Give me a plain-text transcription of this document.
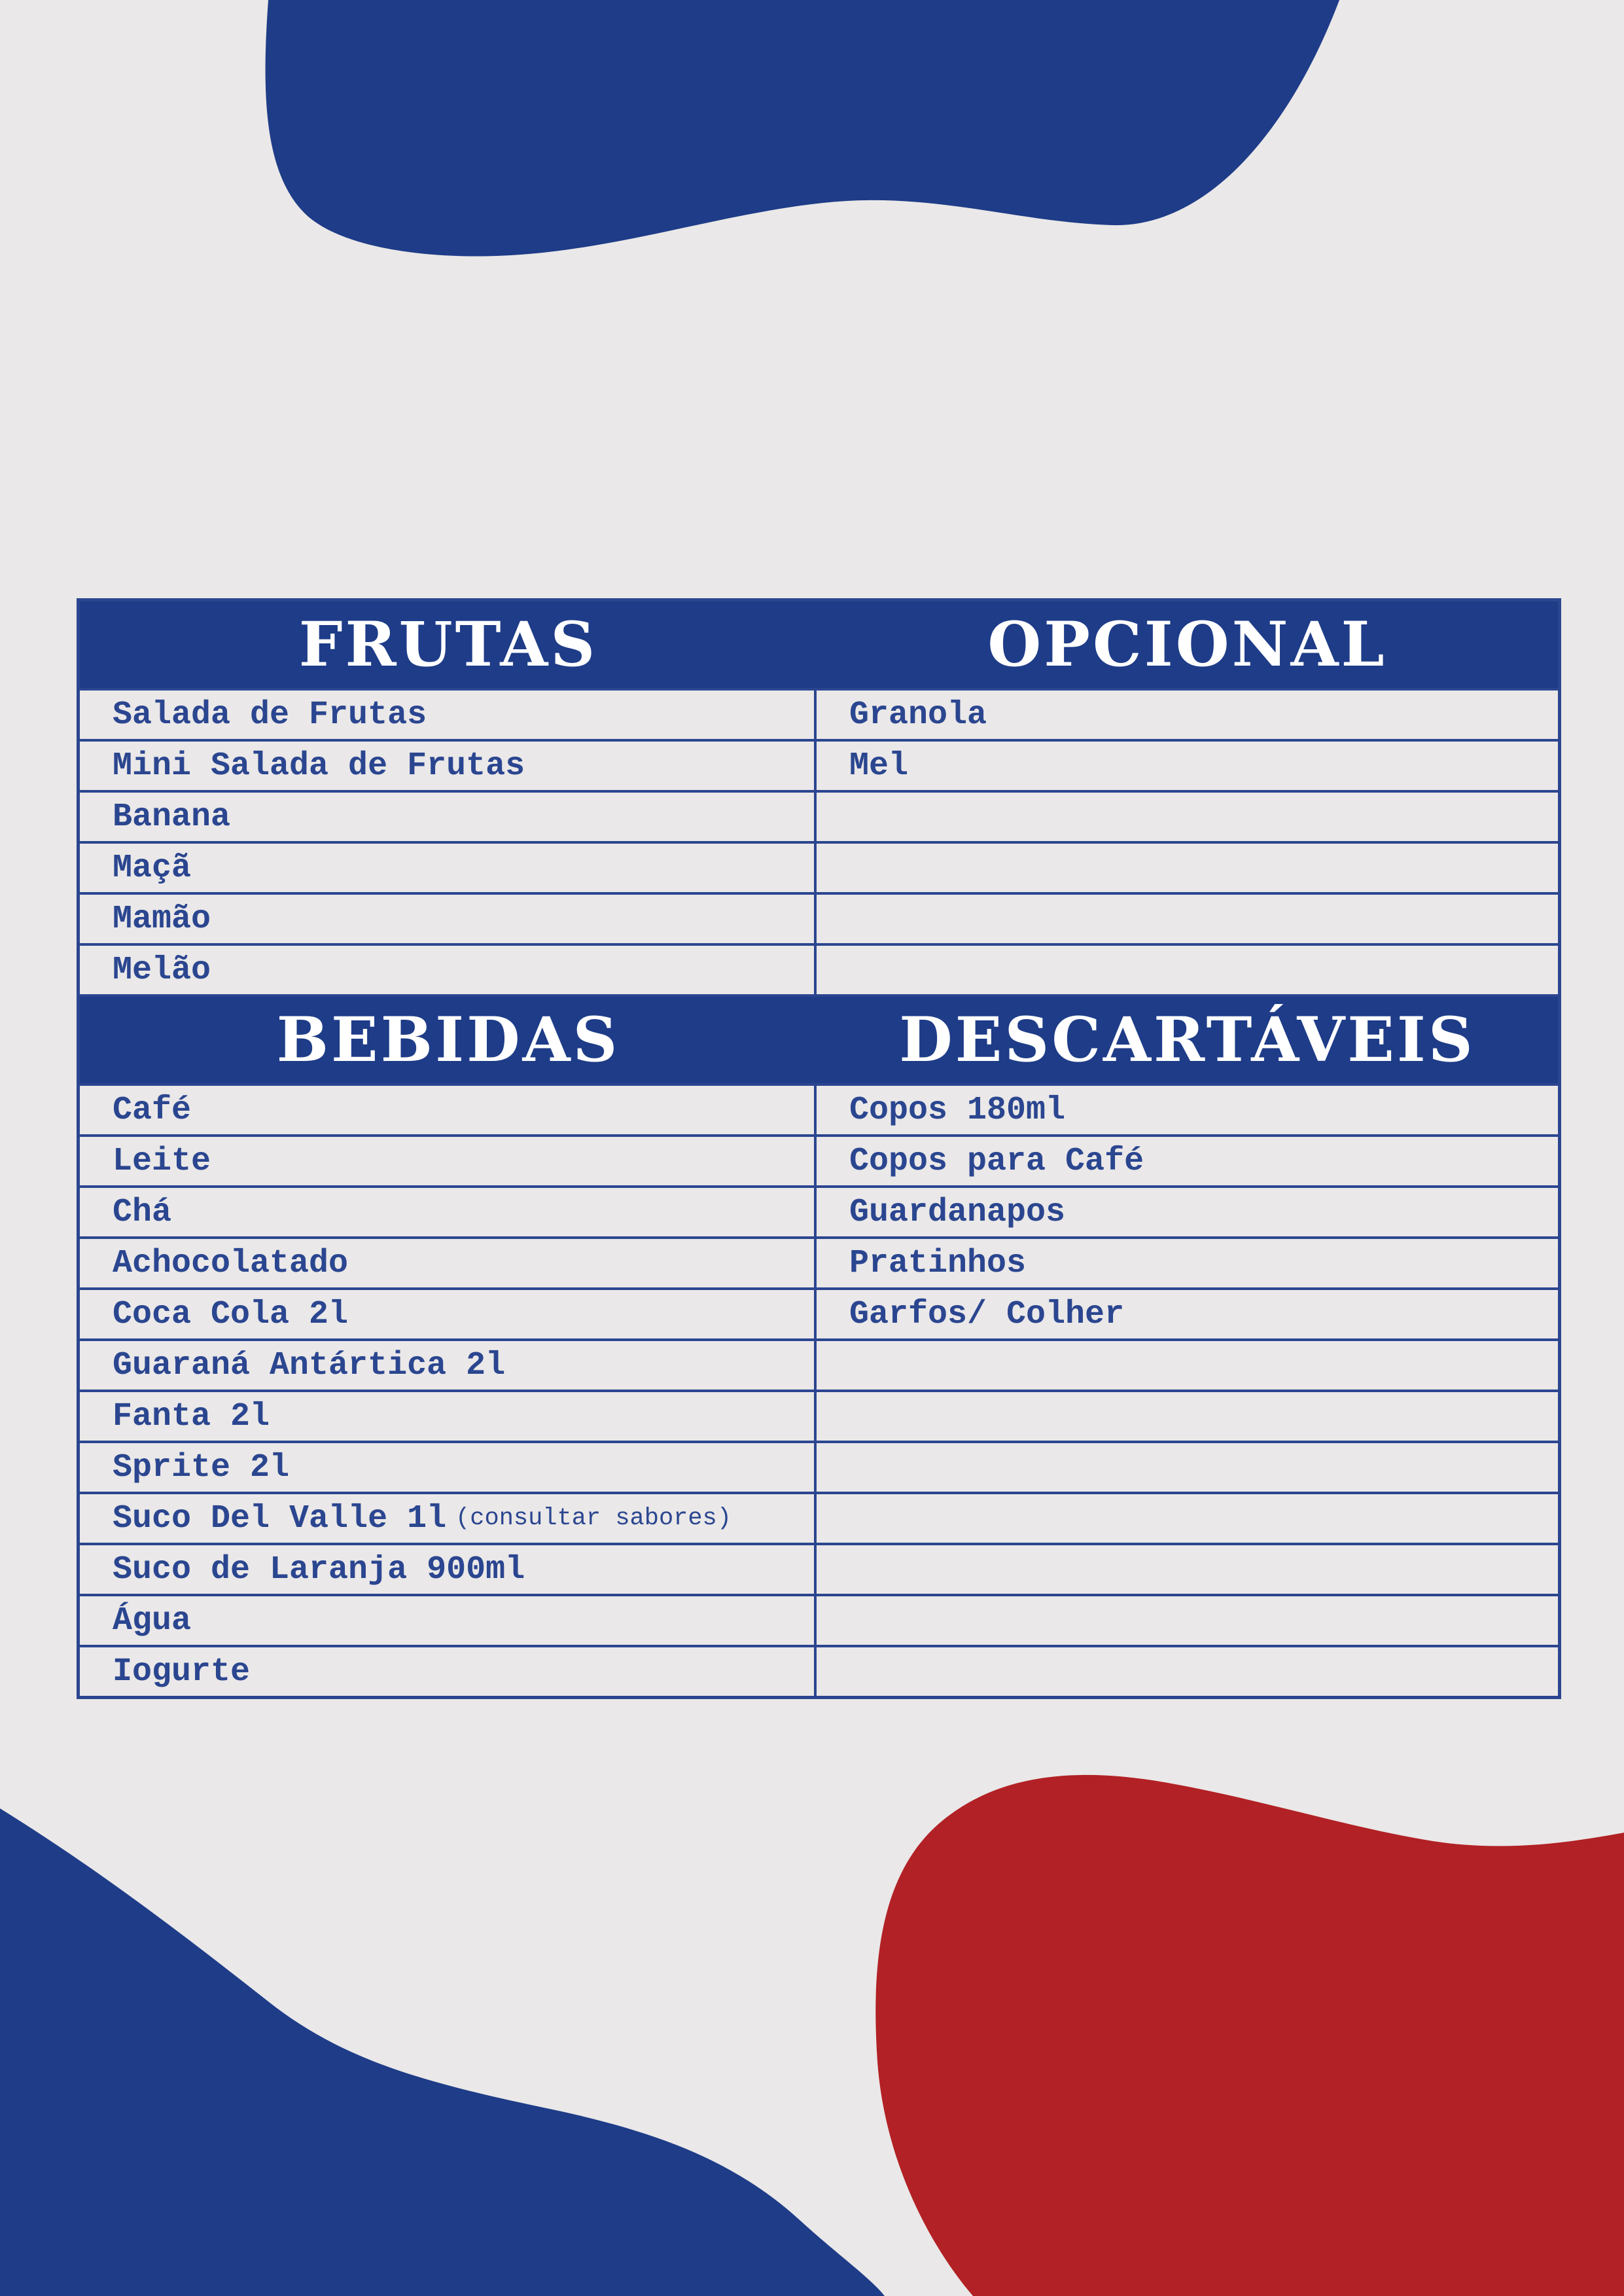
FRUTAS	OPCIONAL
Salada de Frutas	Granola
Mini Salada de Frutas	Mel
Banana
Maçã
Mamão
Melão
BEBIDAS	DESCARTÁVEIS
Café	Copos 180ml
Leite	Copos para Café
Chá	Guardanapos
Achocolatado	Pratinhos
Coca Cola 2l	Garfos/ Colher
Guaraná Antártica 2l
Fanta 2l
Sprite 2l
Suco Del Valle 1l (consultar sabores)
Suco de Laranja 900ml
Água
Iogurte
